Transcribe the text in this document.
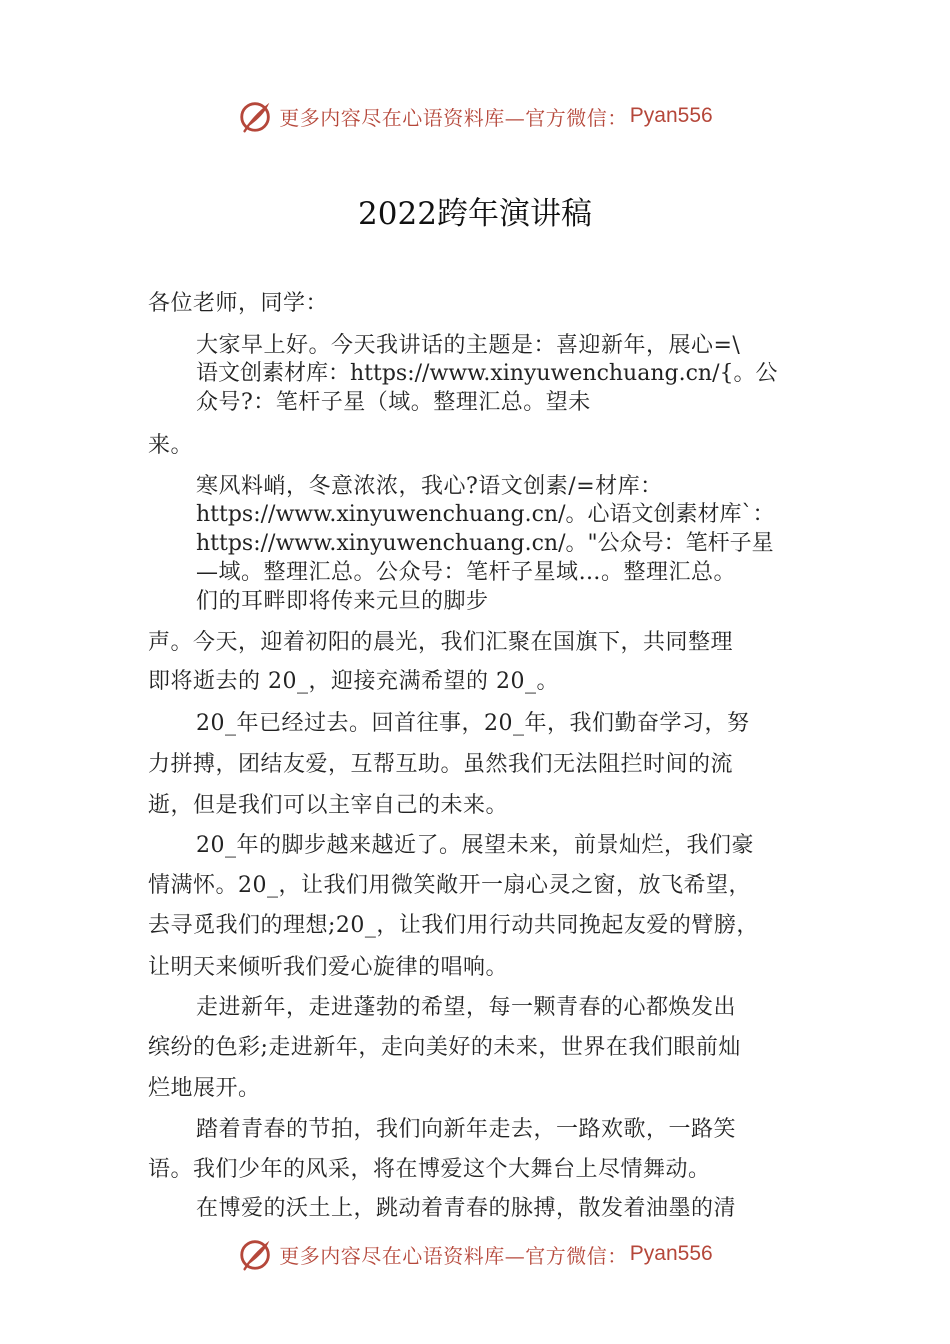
更多内容尽在心语资料库—官方微信： Pyan556
2022跨年演讲稿
各位老师，同学：
大家早上好。今天我讲话的主题是：喜迎新年，展心=\
语文创素材库：https://www.xinyuwenchuang.cn/{。公
众号?：笔杆子星（域。整理汇总。望未
来。
寒风料峭，冬意浓浓，我心?语文创素/=材库：
https://www.xinyuwenchuang.cn/。心语文创素材库`：
https://www.xinyuwenchuang.cn/。"公众号：笔杆子星
—域。整理汇总。公众号：笔杆子星域…。整理汇总。
们的耳畔即将传来元旦的脚步
声。今天，迎着初阳的晨光，我们汇聚在国旗下，共同整理
即将逝去的 20_，迎接充满希望的 20_。
20_年已经过去。回首往事，20_年，我们勤奋学习，努
力拼搏，团结友爱，互帮互助。虽然我们无法阻拦时间的流
逝，但是我们可以主宰自己的未来。
20_年的脚步越来越近了。展望未来，前景灿烂，我们豪
情满怀。20_，让我们用微笑敞开一扇心灵之窗，放飞希望，
去寻觅我们的理想;20_，让我们用行动共同挽起友爱的臂膀，
让明天来倾听我们爱心旋律的唱响。
走进新年，走进蓬勃的希望，每一颗青春的心都焕发出
缤纷的色彩;走进新年，走向美好的未来，世界在我们眼前灿
烂地展开。
踏着青春的节拍，我们向新年走去，一路欢歌，一路笑
语。我们少年的风采，将在博爱这个大舞台上尽情舞动。
在博爱的沃土上，跳动着青春的脉搏，散发着油墨的清
更多内容尽在心语资料库—官方微信： Pyan556
